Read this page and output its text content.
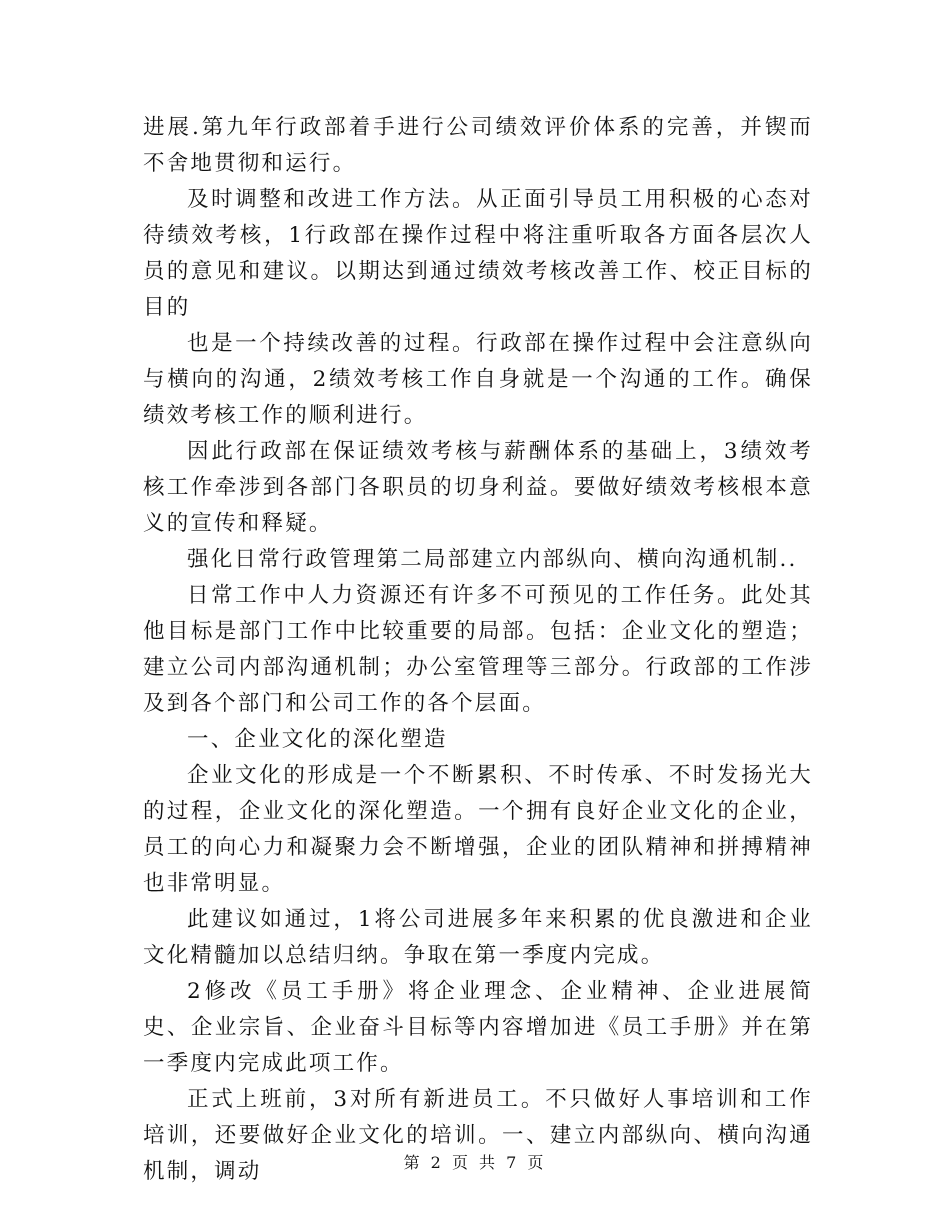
进展.第九年行政部着手进行公司绩效评价体系的完善，并锲而不舍地贯彻和运行。

及时调整和改进工作方法。从正面引导员工用积极的心态对待绩效考核，1行政部在操作过程中将注重听取各方面各层次人员的意见和建议。以期达到通过绩效考核改善工作、校正目标的目的

也是一个持续改善的过程。行政部在操作过程中会注意纵向与横向的沟通，2绩效考核工作自身就是一个沟通的工作。确保绩效考核工作的顺利进行。

因此行政部在保证绩效考核与薪酬体系的基础上，3绩效考核工作牵涉到各部门各职员的切身利益。要做好绩效考核根本意义的宣传和释疑。

强化日常行政管理第二局部建立内部纵向、横向沟通机制..

日常工作中人力资源还有许多不可预见的工作任务。此处其他目标是部门工作中比较重要的局部。包括：企业文化的塑造；建立公司内部沟通机制；办公室管理等三部分。行政部的工作涉及到各个部门和公司工作的各个层面。

一、企业文化的深化塑造

企业文化的形成是一个不断累积、不时传承、不时发扬光大的过程，企业文化的深化塑造。一个拥有良好企业文化的企业，员工的向心力和凝聚力会不断增强，企业的团队精神和拼搏精神也非常明显。

此建议如通过，1将公司进展多年来积累的优良激进和企业文化精髓加以总结归纳。争取在第一季度内完成。

2修改《员工手册》将企业理念、企业精神、企业进展简史、企业宗旨、企业奋斗目标等内容增加进《员工手册》并在第一季度内完成此项工作。

正式上班前，3对所有新进员工。不只做好人事培训和工作培训，还要做好企业文化的培训。一、建立内部纵向、横向沟通机制，调动	第 2 页 共 7 页
